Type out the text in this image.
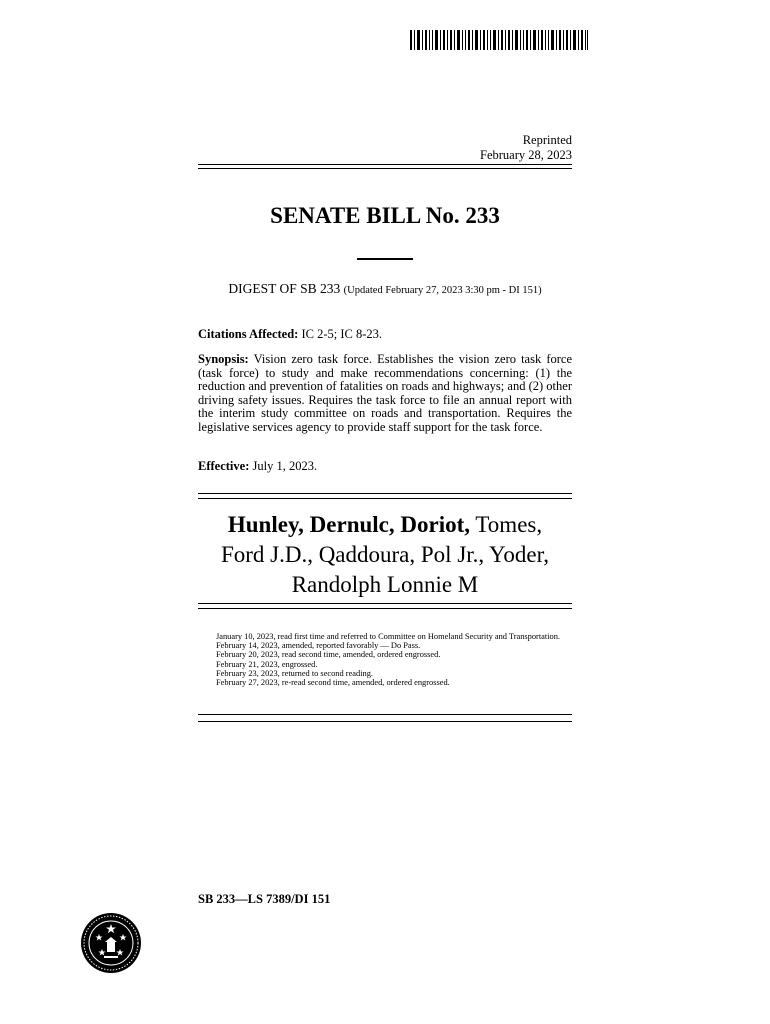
Reprinted
February 28, 2023
SENATE BILL No. 233
DIGEST OF SB 233 (Updated February 27, 2023 3:30 pm - DI 151)
Citations Affected: IC 2-5; IC 8-23.
Synopsis: Vision zero task force. Establishes the vision zero task force (task force) to study and make recommendations concerning: (1) the reduction and prevention of fatalities on roads and highways; and (2) other driving safety issues. Requires the task force to file an annual report with the interim study committee on roads and transportation. Requires the legislative services agency to provide staff support for the task force.
Effective: July 1, 2023.
Hunley, Dernulc, Doriot, Tomes,
Ford J.D., Qaddoura, Pol Jr., Yoder,
Randolph Lonnie M
January 10, 2023, read first time and referred to Committee on Homeland Security and Transportation.
February 14, 2023, amended, reported favorably — Do Pass.
February 20, 2023, read second time, amended, ordered engrossed.
February 21, 2023, engrossed.
February 23, 2023, returned to second reading.
February 27, 2023, re-read second time, amended, ordered engrossed.
SB 233—LS 7389/DI 151
